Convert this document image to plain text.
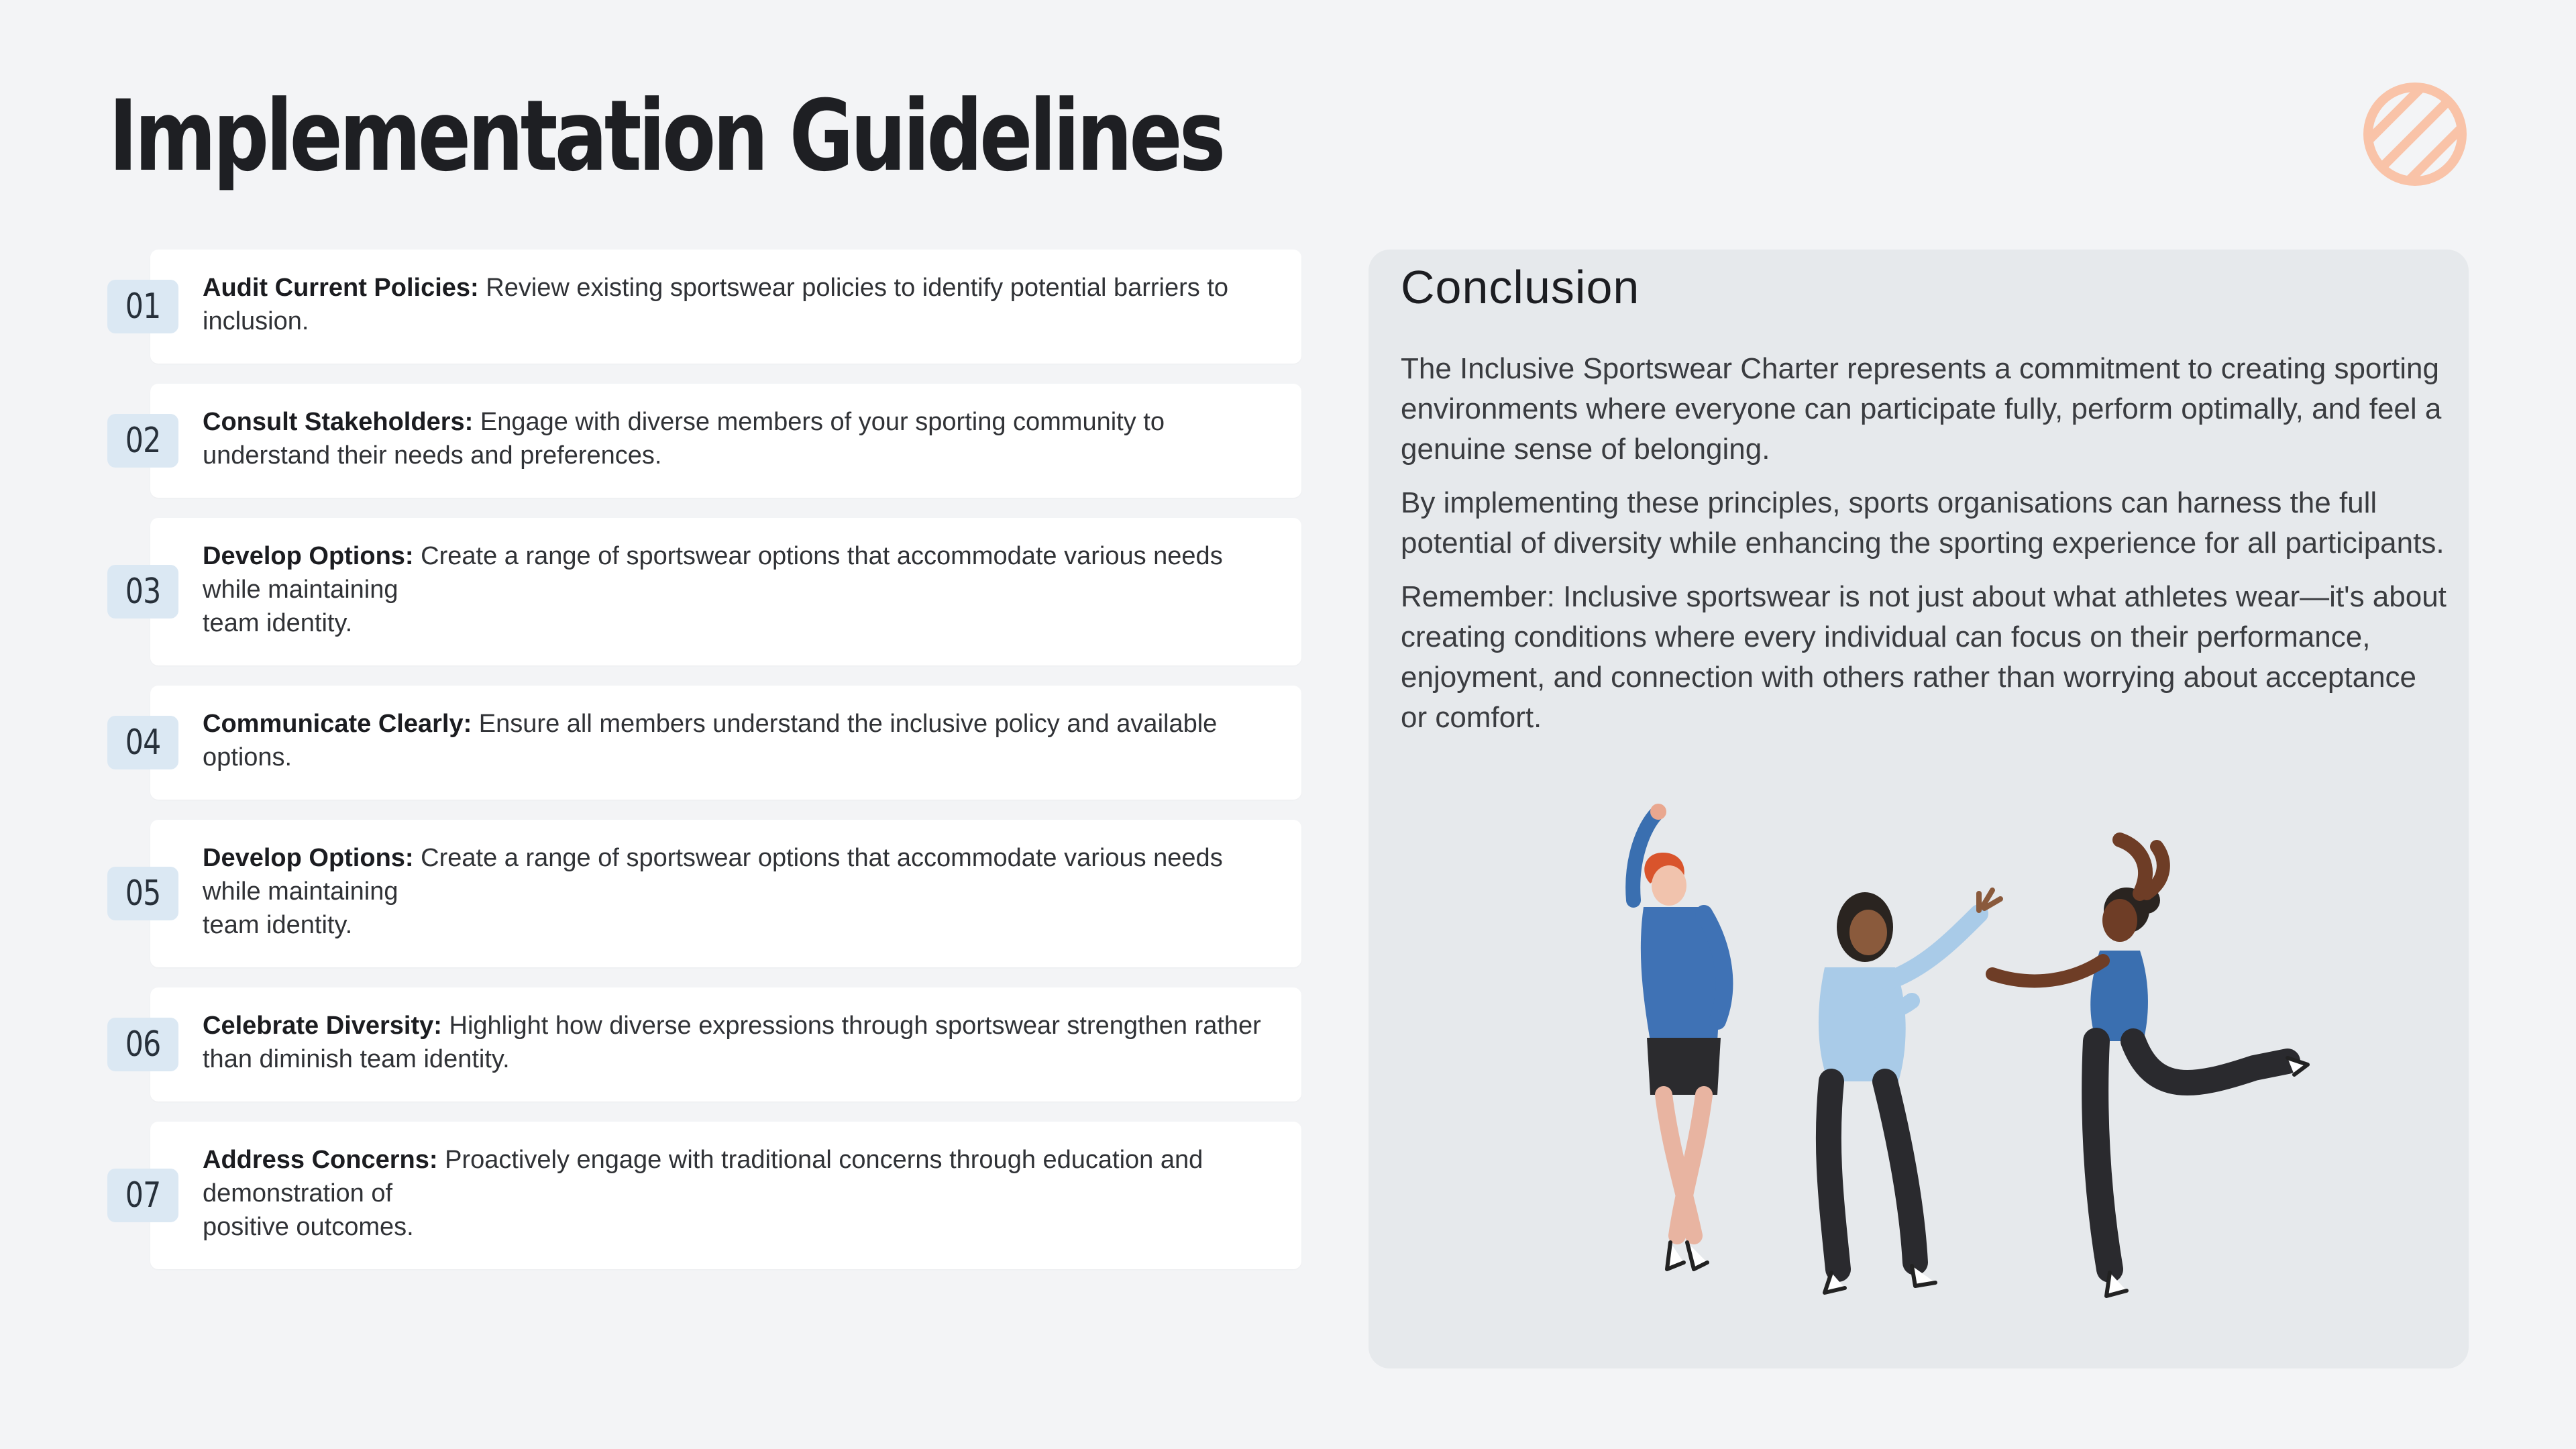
Implementation Guidelines
01 Audit Current Policies: Review existing sportswear policies to identify potential barriers to inclusion.
02 Consult Stakeholders: Engage with diverse members of your sporting community to understand their needs and preferences.
03
Develop Options: Create a range of sportswear options that accommodate various needs while maintaining
team identity.
04 Communicate Clearly: Ensure all members understand the inclusive policy and available options.
05
Develop Options: Create a range of sportswear options that accommodate various needs while maintaining
team identity.
06 Celebrate Diversity: Highlight how diverse expressions through sportswear strengthen rather than diminish team identity.
07
Address Concerns: Proactively engage with traditional concerns through education and demonstration of
positive outcomes.
Conclusion

The Inclusive Sportswear Charter represents a commitment to creating sporting environments where everyone can participate fully, perform optimally, and feel a genuine sense of belonging.

By implementing these principles, sports organisations can harness the full potential of diversity while enhancing the sporting experience for all participants.

Remember: Inclusive sportswear is not just about what athletes wear—it's about creating conditions where every individual can focus on their performance, enjoyment, and connection with others rather than worrying about acceptance or comfort.
